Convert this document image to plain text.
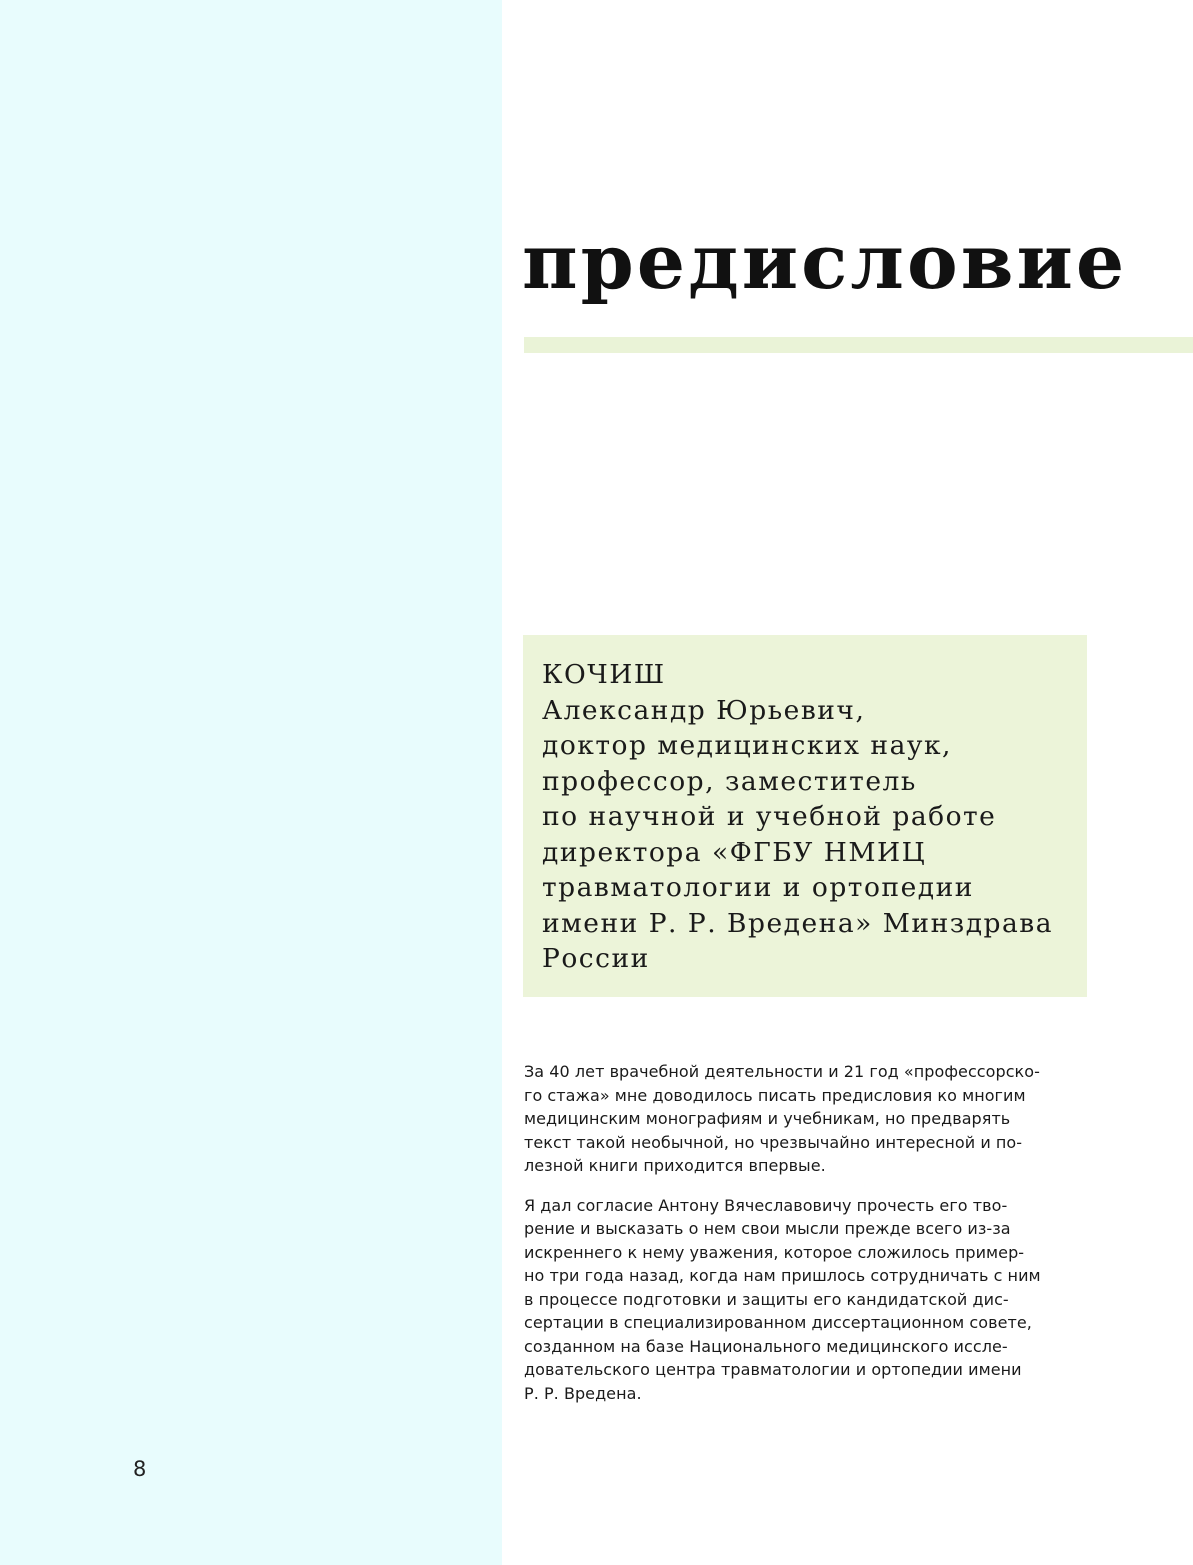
8
предисловие
КОЧИШ
Александр Юрьевич,
доктор медицинских наук,
профессор, заместитель
по научной и учебной работе
директора «ФГБУ НМИЦ
травматологии и ортопедии
имени Р. Р. Вредена» Минздрава
России

За 40 лет врачебной деятельности и 21 год «профессорско-
го стажа» мне доводилось писать предисловия ко многим
медицинским монографиям и учебникам, но предварять
текст такой необычной, но чрезвычайно интересной и по-
лезной книги приходится впервые.

Я дал согласие Антону Вячеславовичу прочесть его тво-
рение и высказать о нем свои мысли прежде всего из-за
искреннего к нему уважения, которое сложилось пример-
но три года назад, когда нам пришлось сотрудничать с ним
в процессе подготовки и защиты его кандидатской дис-
сертации в специализированном диссертационном совете,
созданном на базе Национального медицинского иссле-
довательского центра травматологии и ортопедии имени
Р. Р. Вредена.
